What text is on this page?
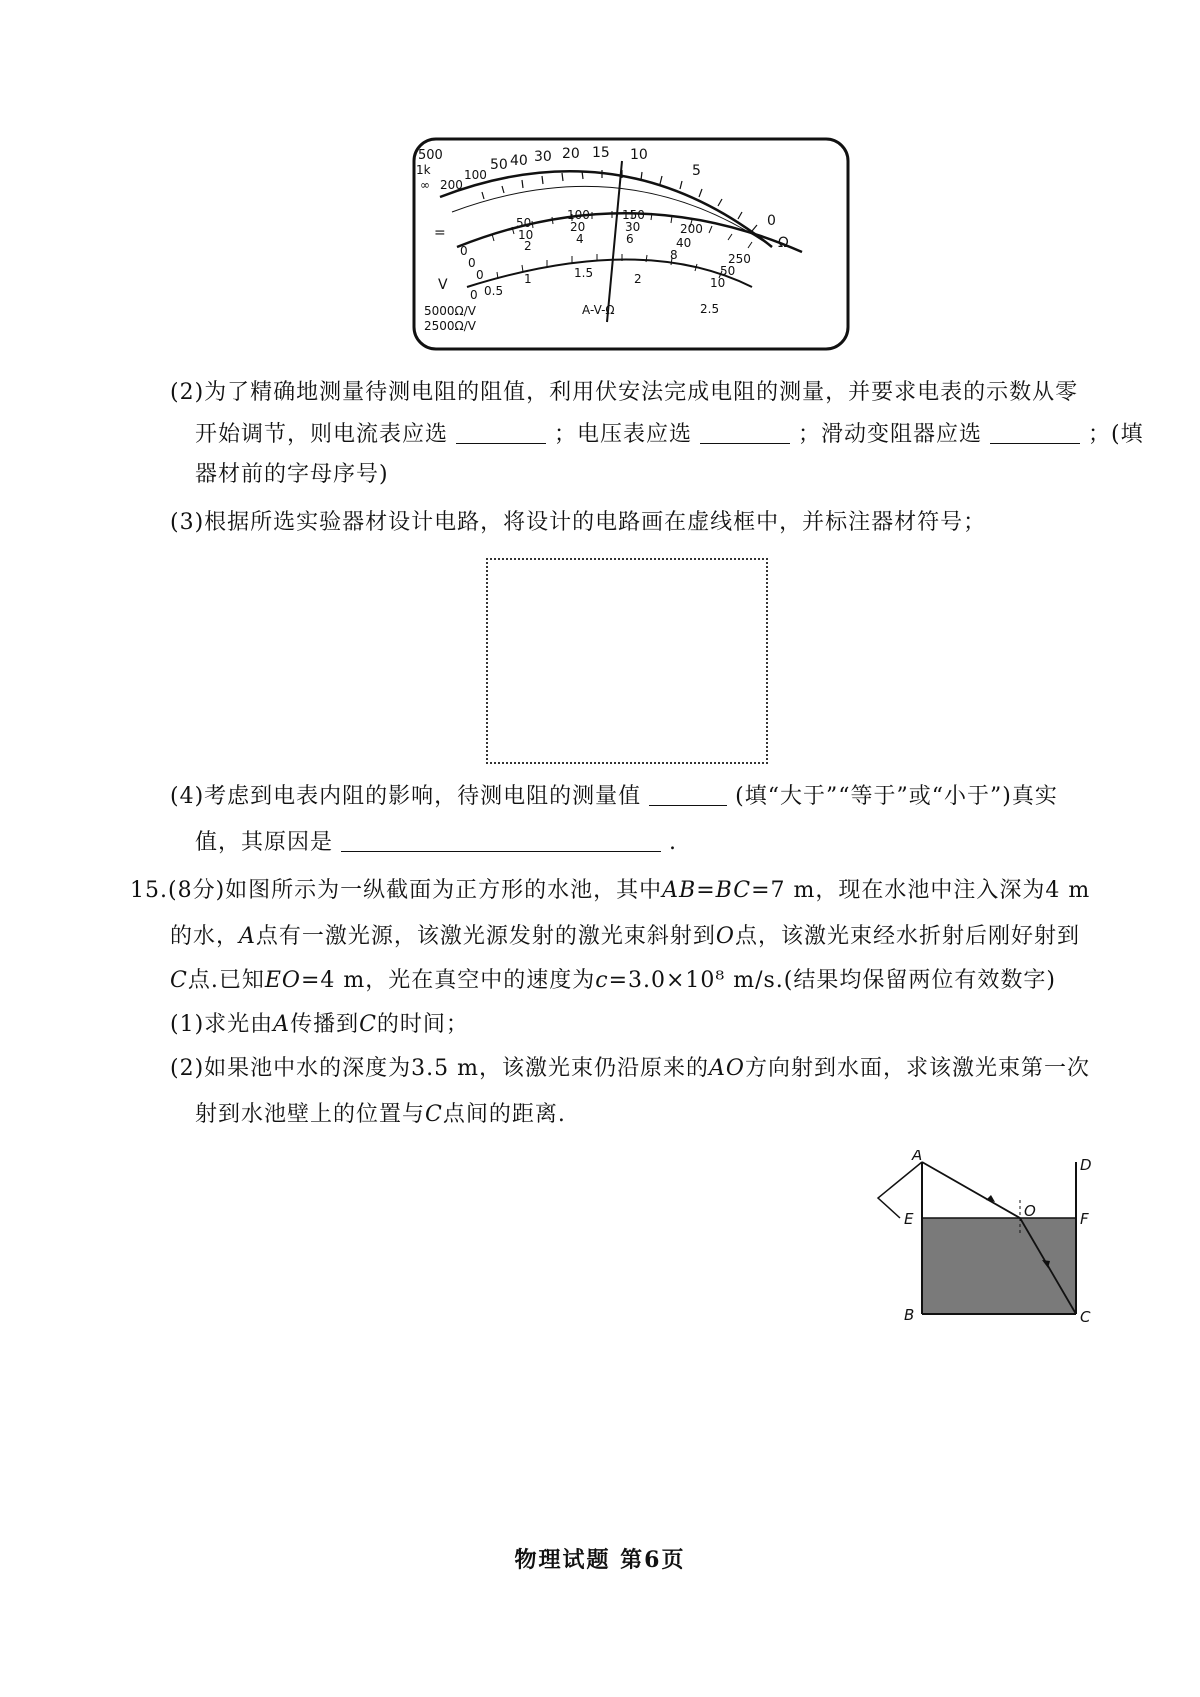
500
1k
∞ 200
100
50 40 30 20 15 10
5
0
Ω
0
50
100	150
200
250
0
10
20	30
40
50
0
2	4	6
8
10
0 0.5
1	1.5	2
2.5
=
V
5000Ω/V
2500Ω/V
A-V-Ω
(2)为了精确地测量待测电阻的阻值，利用伏安法完成电阻的测量，并要求电表的示数从零
开始调节，则电流表应选	；电压表应选	；滑动变阻器应选	；(填
器材前的字母序号)
(3)根据所选实验器材设计电路，将设计的电路画在虚线框中，并标注器材符号；
(4)考虑到电表内阻的影响，待测电阻的测量值	(填“大于”“等于”或“小于”)真实
值，其原因是	.
15.(8分)如图所示为一纵截面为正方形的水池，其中AB=BC=7 m，现在水池中注入深为4 m
的水，A点有一激光源，该激光源发射的激光束斜射到O点，该激光束经水折射后刚好射到
C点.已知EO=4 m，光在真空中的速度为c=3.0×10⁸ m/s.(结果均保留两位有效数字)
(1)求光由A传播到C的时间；
(2)如果池中水的深度为3.5 m，该激光束仍沿原来的AO方向射到水面，求该激光束第一次
射到水池壁上的位置与C点间的距离.
A
D
E	O	F
B	C
物理试题 第6页
